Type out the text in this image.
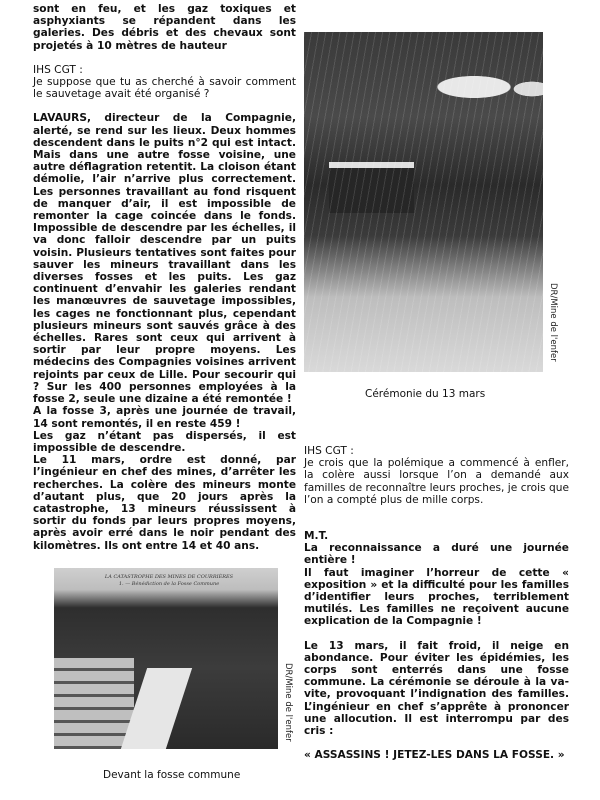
sont en feu, et les gaz toxiques et asphyxiants se répandent dans les galeries. Des débris et des chevaux sont projetés à 10 mètres de hauteur

IHS CGT :

Je suppose que tu as cherché à savoir comment le sauvetage avait été organisé ?

LAVAURS, directeur de la Compagnie, alerté, se rend sur les lieux. Deux hommes descendent dans le puits n°2 qui est intact. Mais dans une autre fosse voisine, une autre déflagration retentit. La cloison étant démolie, l’air n’arrive plus correctement. Les personnes travaillant au fond risquent de manquer d’air, il est impossible de remonter la cage coincée dans le fonds. Impossible de descendre par les échelles, il va donc falloir descendre par un puits voisin. Plusieurs tentatives sont faites pour sauver les mineurs travaillant dans les diverses fosses et les puits. Les gaz continuent d’envahir les galeries rendant les manœuvres de sauvetage impossibles, les cages ne fonctionnant plus, cependant plusieurs mineurs sont sauvés grâce à des échelles. Rares sont ceux qui arrivent à sortir par leur propre moyens. Les médecins des Compagnies voisines arrivent rejoints par ceux de Lille. Pour secourir qui ? Sur les 400 personnes employées à la fosse 2, seule une dizaine a été remontée !

A la fosse 3, après une journée de travail, 14 sont remontés, il en reste 459 !

Les gaz n’étant pas dispersés, il est impossible de descendre.

Le 11 mars, ordre est donné, par l’ingénieur en chef des mines, d’arrêter les recherches. La colère des mineurs monte d’autant plus, que 20 jours après la catastrophe, 13 mineurs réussissent à sortir du fonds par leurs propres moyens, après avoir erré dans le noir pendant des kilomètres. Ils ont entre 14 et 40 ans.

DR/Mine de l'enfer
Cérémonie du 13 mars
LA CATASTROPHE DES MINES DE COURRIÈRES
1. — Bénédiction de la Fosse Commune
DR/Mine de l'enfer
Devant la fosse commune

IHS CGT :

Je crois que la polémique a commencé à enfler, la colère aussi lorsque l’on a demandé aux familles de reconnaître leurs proches, je crois que l’on a compté plus de mille corps.

M.T.

La reconnaissance a duré une journée entière !

Il faut imaginer l’horreur de cette « exposition » et la difficulté pour les familles d’identifier leurs proches, terriblement mutilés. Les familles ne reçoivent aucune explication de la Compagnie !

Le 13 mars, il fait froid, il neige en abondance. Pour éviter les épidémies, les corps sont enterrés dans une fosse commune. La cérémonie se déroule à la va-vite, provoquant l’indignation des familles. L’ingénieur en chef s’apprête à prononcer une allocution. Il est interrompu par des cris :

« ASSASSINS ! JETEZ-LES DANS LA FOSSE. »
